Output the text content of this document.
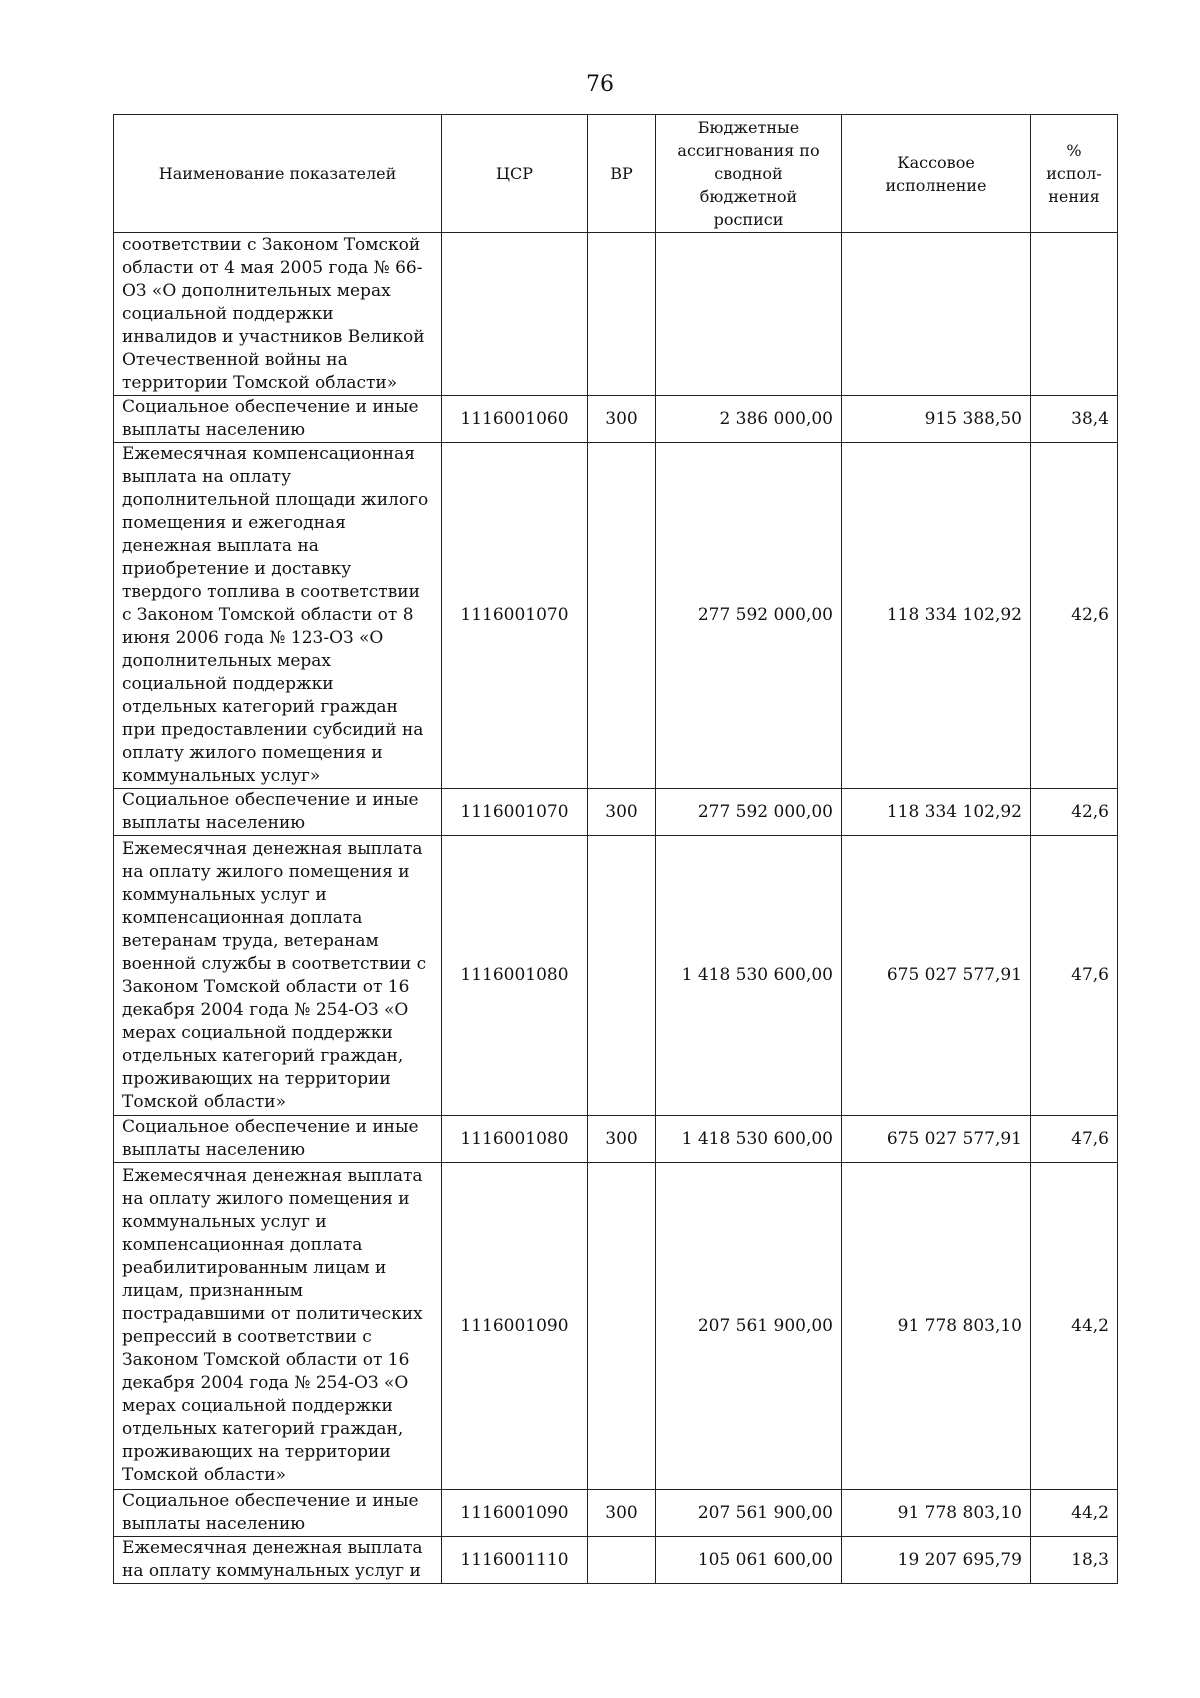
76
Наименование показателей	ЦСР	ВР	Бюджетные ассигнования по сводной бюджетной росписи	Кассовое исполнение	% испол-нения
соответствии с Законом Томской области от 4 мая 2005 года № 66-ОЗ «О дополнительных мерах социальной поддержки инвалидов и участников Великой Отечественной войны на территории Томской области»					
Социальное обеспечение и иные выплаты населению	1116001060	300	2 386 000,00	915 388,50	38,4
Ежемесячная компенсационная выплата на оплату дополнительной площади жилого помещения и ежегодная денежная выплата на приобретение и доставку твердого топлива в соответствии с Законом Томской области от 8 июня 2006 года № 123-ОЗ «О дополнительных мерах социальной поддержки отдельных категорий граждан при предоставлении субсидий на оплату жилого помещения и коммунальных услуг»	1116001070		277 592 000,00	118 334 102,92	42,6
Социальное обеспечение и иные выплаты населению	1116001070	300	277 592 000,00	118 334 102,92	42,6
Ежемесячная денежная выплата на оплату жилого помещения и коммунальных услуг и компенсационная доплата ветеранам труда, ветеранам военной службы в соответствии с Законом Томской области от 16 декабря 2004 года № 254-ОЗ «О мерах социальной поддержки отдельных категорий граждан, проживающих на территории Томской области»	1116001080		1 418 530 600,00	675 027 577,91	47,6
Социальное обеспечение и иные выплаты населению	1116001080	300	1 418 530 600,00	675 027 577,91	47,6
Ежемесячная денежная выплата на оплату жилого помещения и коммунальных услуг и компенсационная доплата реабилитированным лицам и лицам, признанным пострадавшими от политических репрессий в соответствии с Законом Томской области от 16 декабря 2004 года № 254-ОЗ «О мерах социальной поддержки отдельных категорий граждан, проживающих на территории Томской области»	1116001090		207 561 900,00	91 778 803,10	44,2
Социальное обеспечение и иные выплаты населению	1116001090	300	207 561 900,00	91 778 803,10	44,2
Ежемесячная денежная выплата на оплату коммунальных услуг и	1116001110		105 061 600,00	19 207 695,79	18,3
